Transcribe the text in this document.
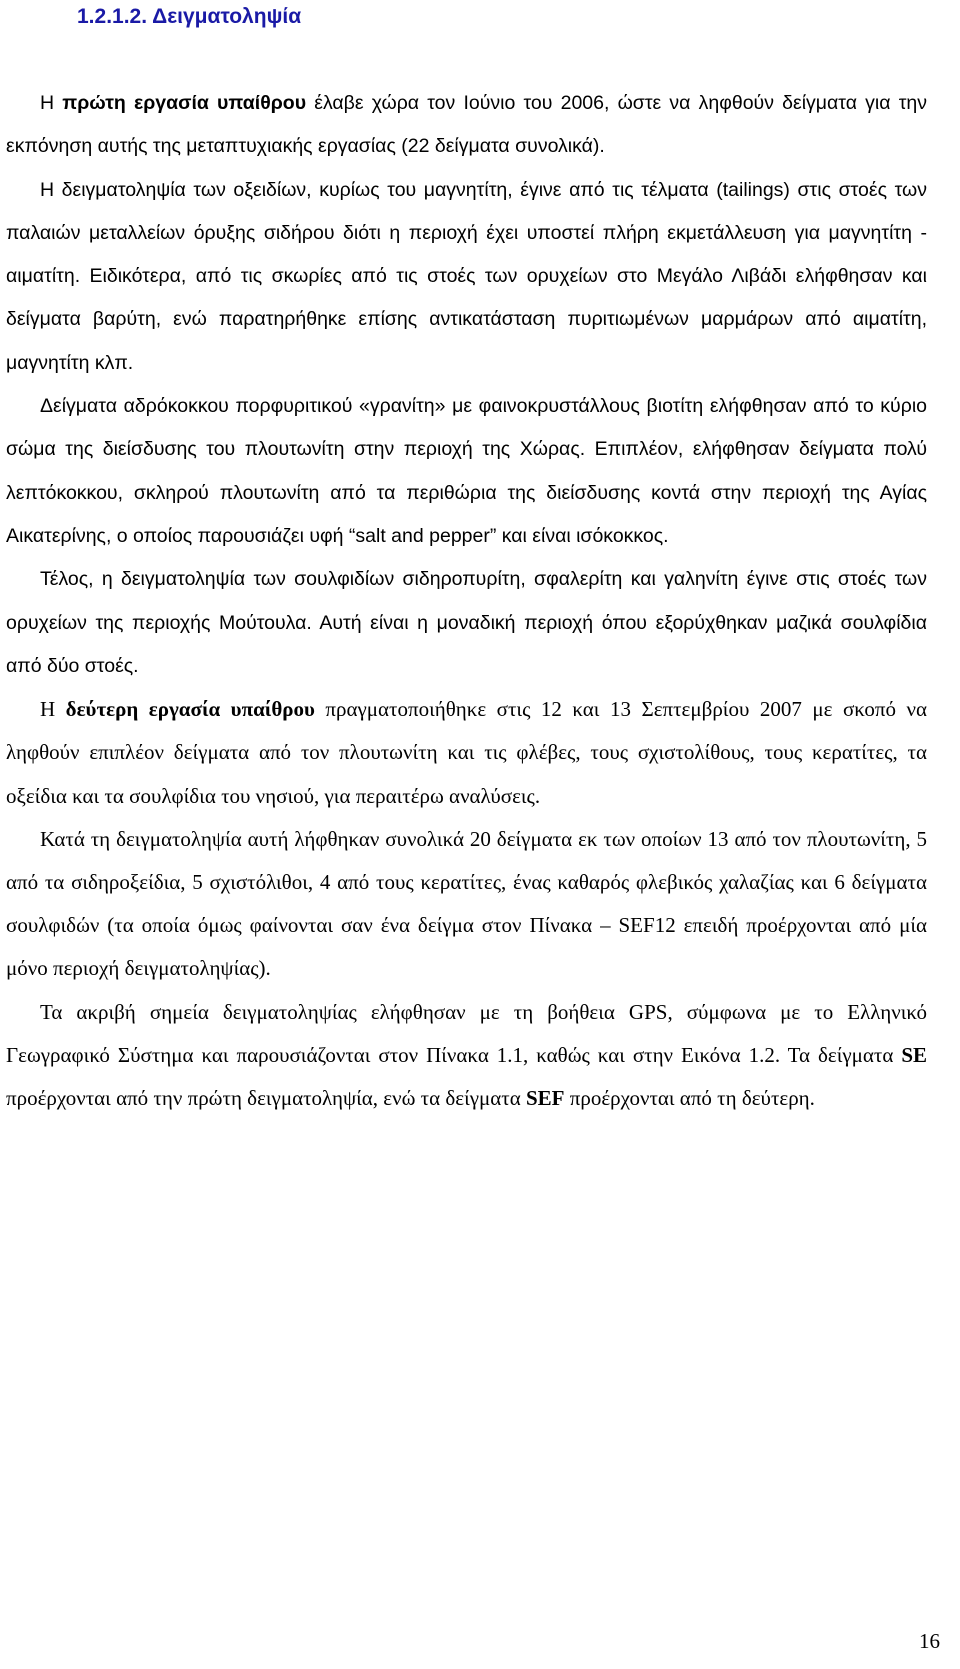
1.2.1.2. Δειγματοληψία

Η πρώτη εργασία υπαίθρου έλαβε χώρα τον Ιούνιο του 2006, ώστε να ληφθούν δείγματα για την εκπόνηση αυτής της μεταπτυχιακής εργασίας (22 δείγματα συνολικά).

Η δειγματοληψία των οξειδίων, κυρίως του μαγνητίτη, έγινε από τις τέλματα (tailings) στις στοές των παλαιών μεταλλείων όρυξης σιδήρου διότι η περιοχή έχει υποστεί πλήρη εκμετάλλευση για μαγνητίτη - αιματίτη. Ειδικότερα, από τις σκωρίες από τις στοές των ορυχείων στο Μεγάλο Λιβάδι ελήφθησαν και δείγματα βαρύτη, ενώ παρατηρήθηκε επίσης αντικατάσταση πυριτιωμένων μαρμάρων από αιματίτη, μαγνητίτη κλπ.

Δείγματα αδρόκοκκου πορφυριτικού «γρανίτη» με φαινοκρυστάλλους βιοτίτη ελήφθησαν από το κύριο σώμα της διείσδυσης του πλουτωνίτη στην περιοχή της Χώρας. Επιπλέον, ελήφθησαν δείγματα πολύ λεπτόκοκκου, σκληρού πλουτωνίτη από τα περιθώρια της διείσδυσης κοντά στην περιοχή της Αγίας Αικατερίνης, ο οποίος παρουσιάζει υφή “salt and pepper” και είναι ισόκοκκος.

Τέλος, η δειγματοληψία των σουλφιδίων σιδηροπυρίτη, σφαλερίτη και γαληνίτη έγινε στις στοές των ορυχείων της περιοχής Μούτουλα. Αυτή είναι η μοναδική περιοχή όπου εξορύχθηκαν μαζικά σουλφίδια από δύο στοές.

Η δεύτερη εργασία υπαίθρου πραγματοποιήθηκε στις 12 και 13 Σεπτεμβρίου 2007 με σκοπό να ληφθούν επιπλέον δείγματα από τον πλουτωνίτη και τις φλέβες, τους σχιστολίθους, τους κερατίτες, τα οξείδια και τα σουλφίδια του νησιού, για περαιτέρω αναλύσεις.

Κατά τη δειγματοληψία αυτή λήφθηκαν συνολικά 20 δείγματα εκ των οποίων 13 από τον πλουτωνίτη, 5 από τα σιδηροξείδια, 5 σχιστόλιθοι, 4 από τους κερατίτες, ένας καθαρός φλεβικός χαλαζίας και 6 δείγματα σουλφιδών (τα οποία όμως φαίνονται σαν ένα δείγμα στον Πίνακα – SEF12 επειδή προέρχονται από μία μόνο περιοχή δειγματοληψίας).

Τα ακριβή σημεία δειγματοληψίας ελήφθησαν με τη βοήθεια GPS, σύμφωνα με το Ελληνικό Γεωγραφικό Σύστημα και παρουσιάζονται στον Πίνακα 1.1, καθώς και στην Εικόνα 1.2. Τα δείγματα SE προέρχονται από την πρώτη δειγματοληψία, ενώ τα δείγματα SEF προέρχονται από τη δεύτερη.

16
